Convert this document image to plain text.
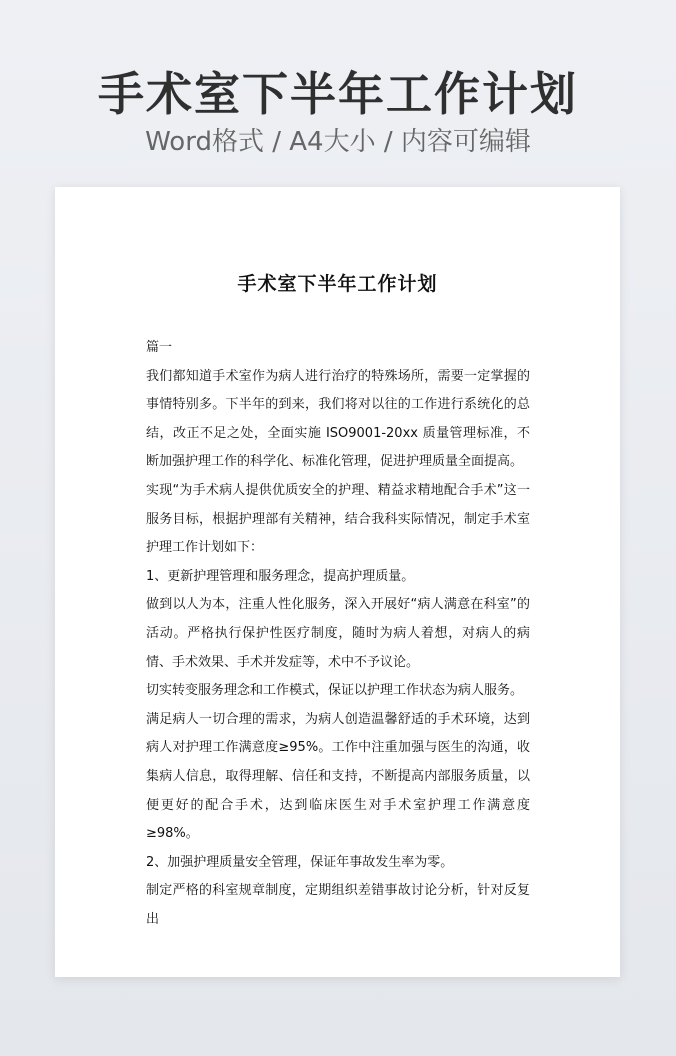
手术室下半年工作计划
Word格式 / A4大小 / 内容可编辑
手术室下半年工作计划

篇一

我们都知道手术室作为病人进行治疗的特殊场所，需要一定掌握的事情特别多。下半年的到来，我们将对以往的工作进行系统化的总结，改正不足之处，全面实施 ISO9001-20xx 质量管理标准，不断加强护理工作的科学化、标准化管理，促进护理质量全面提高。

实现“为手术病人提供优质安全的护理、精益求精地配合手术”这一服务目标，根据护理部有关精神，结合我科实际情况，制定手术室护理工作计划如下：

1、更新护理管理和服务理念，提高护理质量。

做到以人为本，注重人性化服务，深入开展好“病人满意在科室”的活动。严格执行保护性医疗制度，随时为病人着想，对病人的病情、手术效果、手术并发症等，术中不予议论。

切实转变服务理念和工作模式，保证以护理工作状态为病人服务。

满足病人一切合理的需求，为病人创造温馨舒适的手术环境，达到病人对护理工作满意度≥95%。工作中注重加强与医生的沟通，收集病人信息，取得理解、信任和支持，不断提高内部服务质量，以便更好的配合手术，达到临床医生对手术室护理工作满意度≥98%。

2、加强护理质量安全管理，保证年事故发生率为零。

制定严格的科室规章制度，定期组织差错事故讨论分析，针对反复出
